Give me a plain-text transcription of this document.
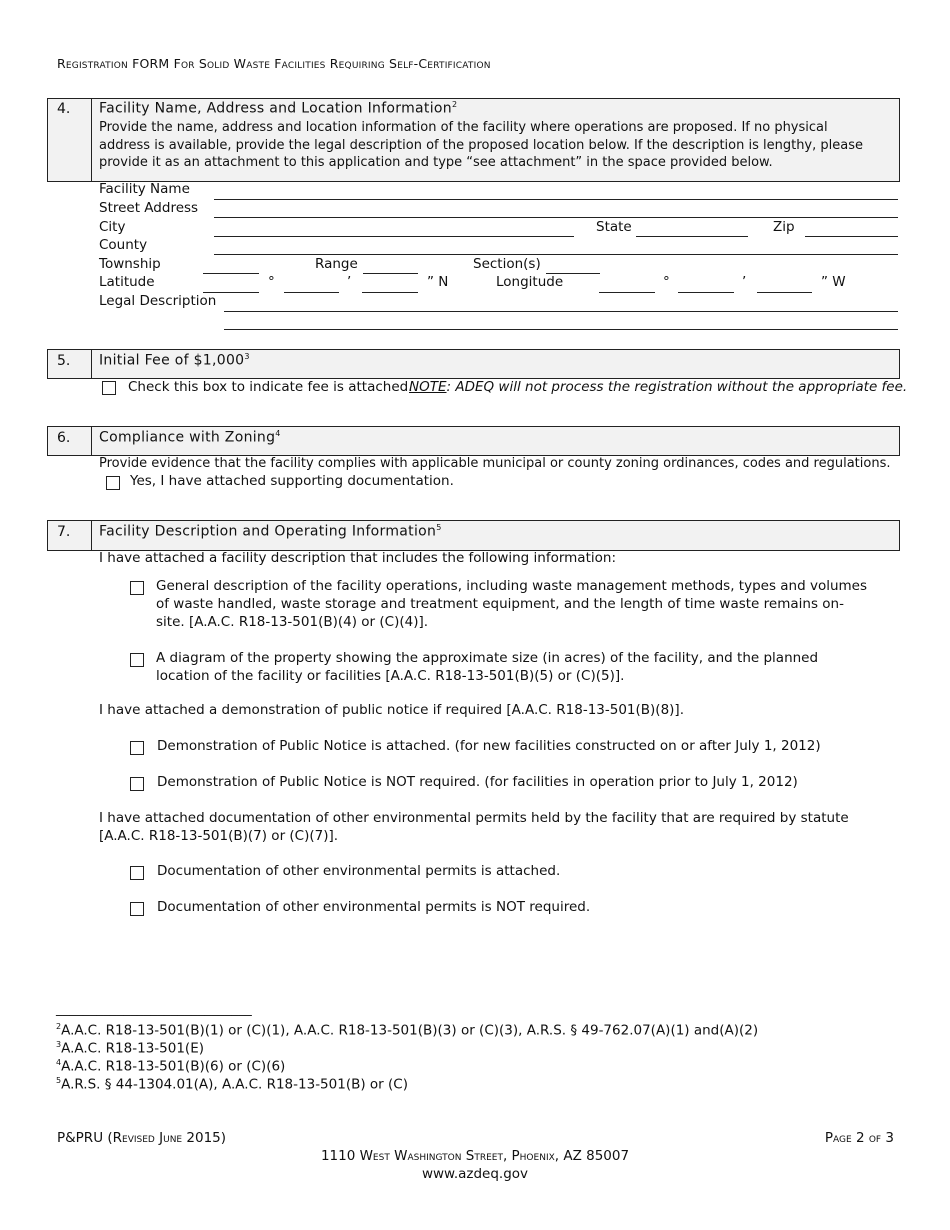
Registration FORM For Solid Waste Facilities Requiring Self-Certification
4. Facility Name, Address and Location Information$^2$
Provide the name, address and location information of the facility where operations are proposed. If no physical address is available, provide the legal description of the proposed location below. If the description is lengthy, please provide it as an attachment to this application and type “see attachment” in the space provided below.
Facility Name
Street Address
City	State	Zip
County
Township	Range	Section(s)
Latitude	°	’	” N	Longitude	°	’	” W
Legal Description
5. Initial Fee of $1,000$^3$
Check this box to indicate fee is attached.
NOTE: ADEQ will not process the registration without the appropriate fee.
6. Compliance with Zoning$^4$
Provide evidence that the facility complies with applicable municipal or county zoning ordinances, codes and regulations.
Yes, I have attached supporting documentation.
7. Facility Description and Operating Information$^5$
I have attached a facility description that includes the following information:
General description of the facility operations, including waste management methods, types and volumes of waste handled, waste storage and treatment equipment, and the length of time waste remains on-site. [A.A.C. R18-13-501(B)(4) or (C)(4)].
A diagram of the property showing the approximate size (in acres) of the facility, and the planned location of the facility or facilities [A.A.C. R18-13-501(B)(5) or (C)(5)].
I have attached a demonstration of public notice if required [A.A.C. R18-13-501(B)(8)].
Demonstration of Public Notice is attached. (for new facilities constructed on or after July 1, 2012)
Demonstration of Public Notice is NOT required. (for facilities in operation prior to July 1, 2012)
I have attached documentation of other environmental permits held by the facility that are required by statute [A.A.C. R18-13-501(B)(7) or (C)(7)].
Documentation of other environmental permits is attached.
Documentation of other environmental permits is NOT required.
_____________________________
$^2$A.A.C. R18-13-501(B)(1) or (C)(1), A.A.C. R18-13-501(B)(3) or (C)(3), A.R.S. § 49-762.07(A)(1) and(A)(2)
$^3$A.A.C. R18-13-501(E)
$^4$A.A.C. R18-13-501(B)(6) or (C)(6)
$^5$A.R.S. § 44-1304.01(A), A.A.C. R18-13-501(B) or (C)
P&PRU (Revised June 2015)	Page 2 of 3
1110 West Washington Street, Phoenix, AZ 85007
www.azdeq.gov
